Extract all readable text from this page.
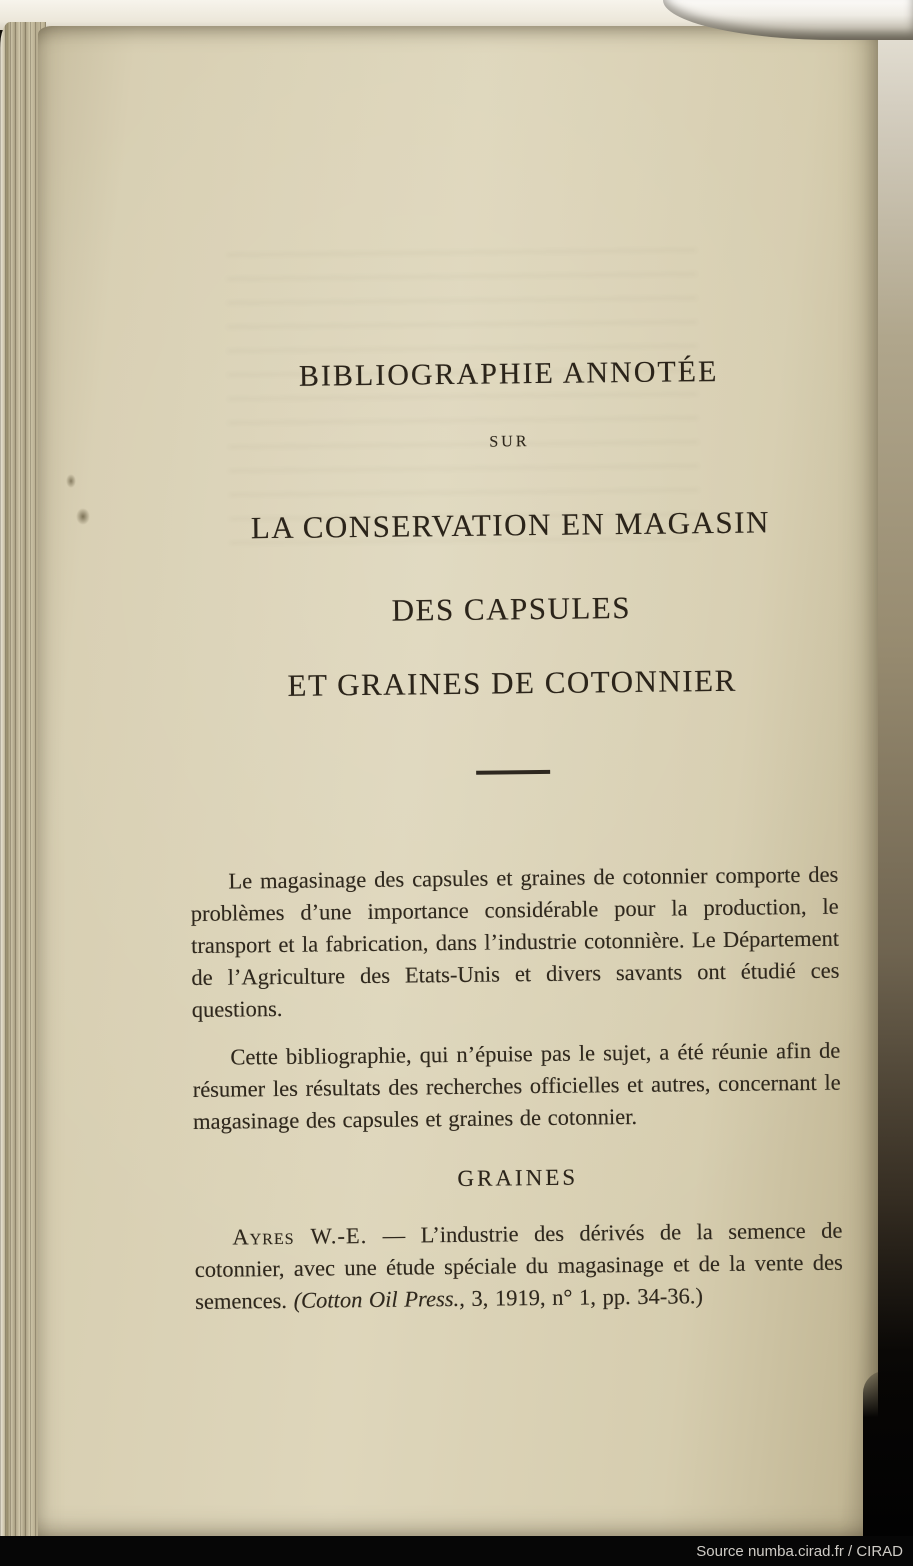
BIBLIOGRAPHIE ANNOTÉE
SUR
LA CONSERVATION EN MAGASIN
DES CAPSULES
ET GRAINES DE COTONNIER

Le magasinage des capsules et graines de cotonnier comporte des problèmes d’une importance considérable pour la production, le transport et la fabrication, dans l’industrie cotonnière. Le Département de l’Agriculture des Etats-Unis et divers savants ont étudié ces questions.

Cette bibliographie, qui n’épuise pas le sujet, a été réunie afin de résumer les résultats des recherches officielles et autres, concernant le magasinage des capsules et graines de cotonnier.

GRAINES

Ayres W.-E. — L’industrie des dérivés de la semence de cotonnier, avec une étude spéciale du magasinage et de la vente des semences. (Cotton Oil Press., 3, 1919, n° 1, pp. 34-36.)

Source numba.cirad.fr / CIRAD
